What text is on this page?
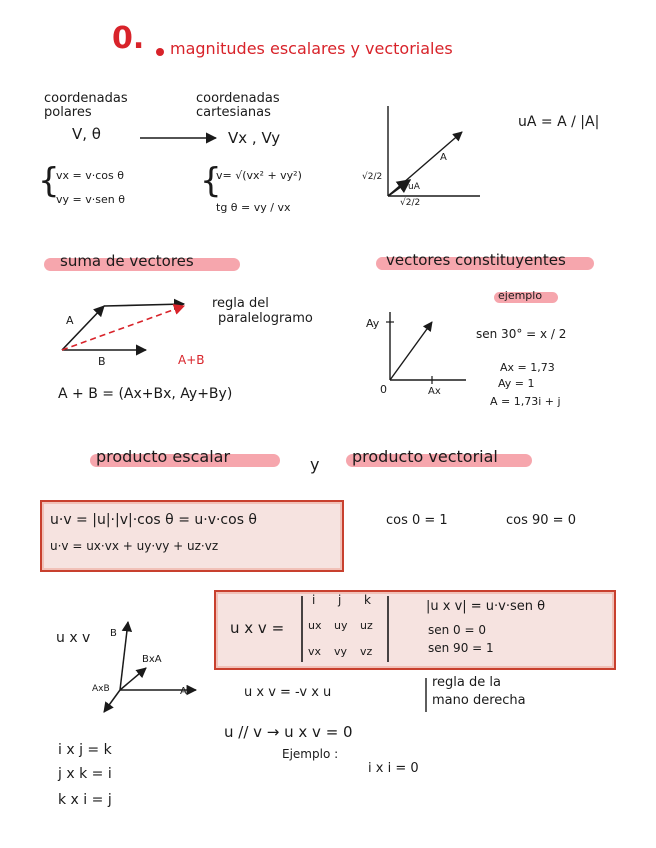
0. magnitudes escalares y vectoriales
coordenadas
polares
V, θ
coordenadas
cartesianas
Vx , Vy
{
vx = v·cos θ
vy = v·sen θ {
v= √(vx² + vy²)
tg θ = vy / vx
A
uA
√2/2
√2/2
uA = A / |A|
suma de vectores
regla del
paralelogramo
A
B	A+B
A + B = (Ax+Bx, Ay+By)
vectores constituyentes
ejemplo
Ay
0	Ax
sen 30° = x / 2
Ax = 1,73
Ay = 1
A = 1,73i + j
producto escalar	y producto vectorial
u·v = |u|·|v|·cos θ = u·v·cos θ
u·v = ux·vx + uy·vy + uz·vz
cos 0 = 1	cos 90 = 0
u x v =
i j k
ux uy uz
vx vy vz
|u x v| = u·v·sen θ
sen 0 = 0
sen 90 = 1
u x v B
BxA
AxB	A	u x v = -v x u
regla de la
mano derecha
u // v → u x v = 0
Ejemplo :
i x i = 0
i x j = k
j x k = i
k x i = j
